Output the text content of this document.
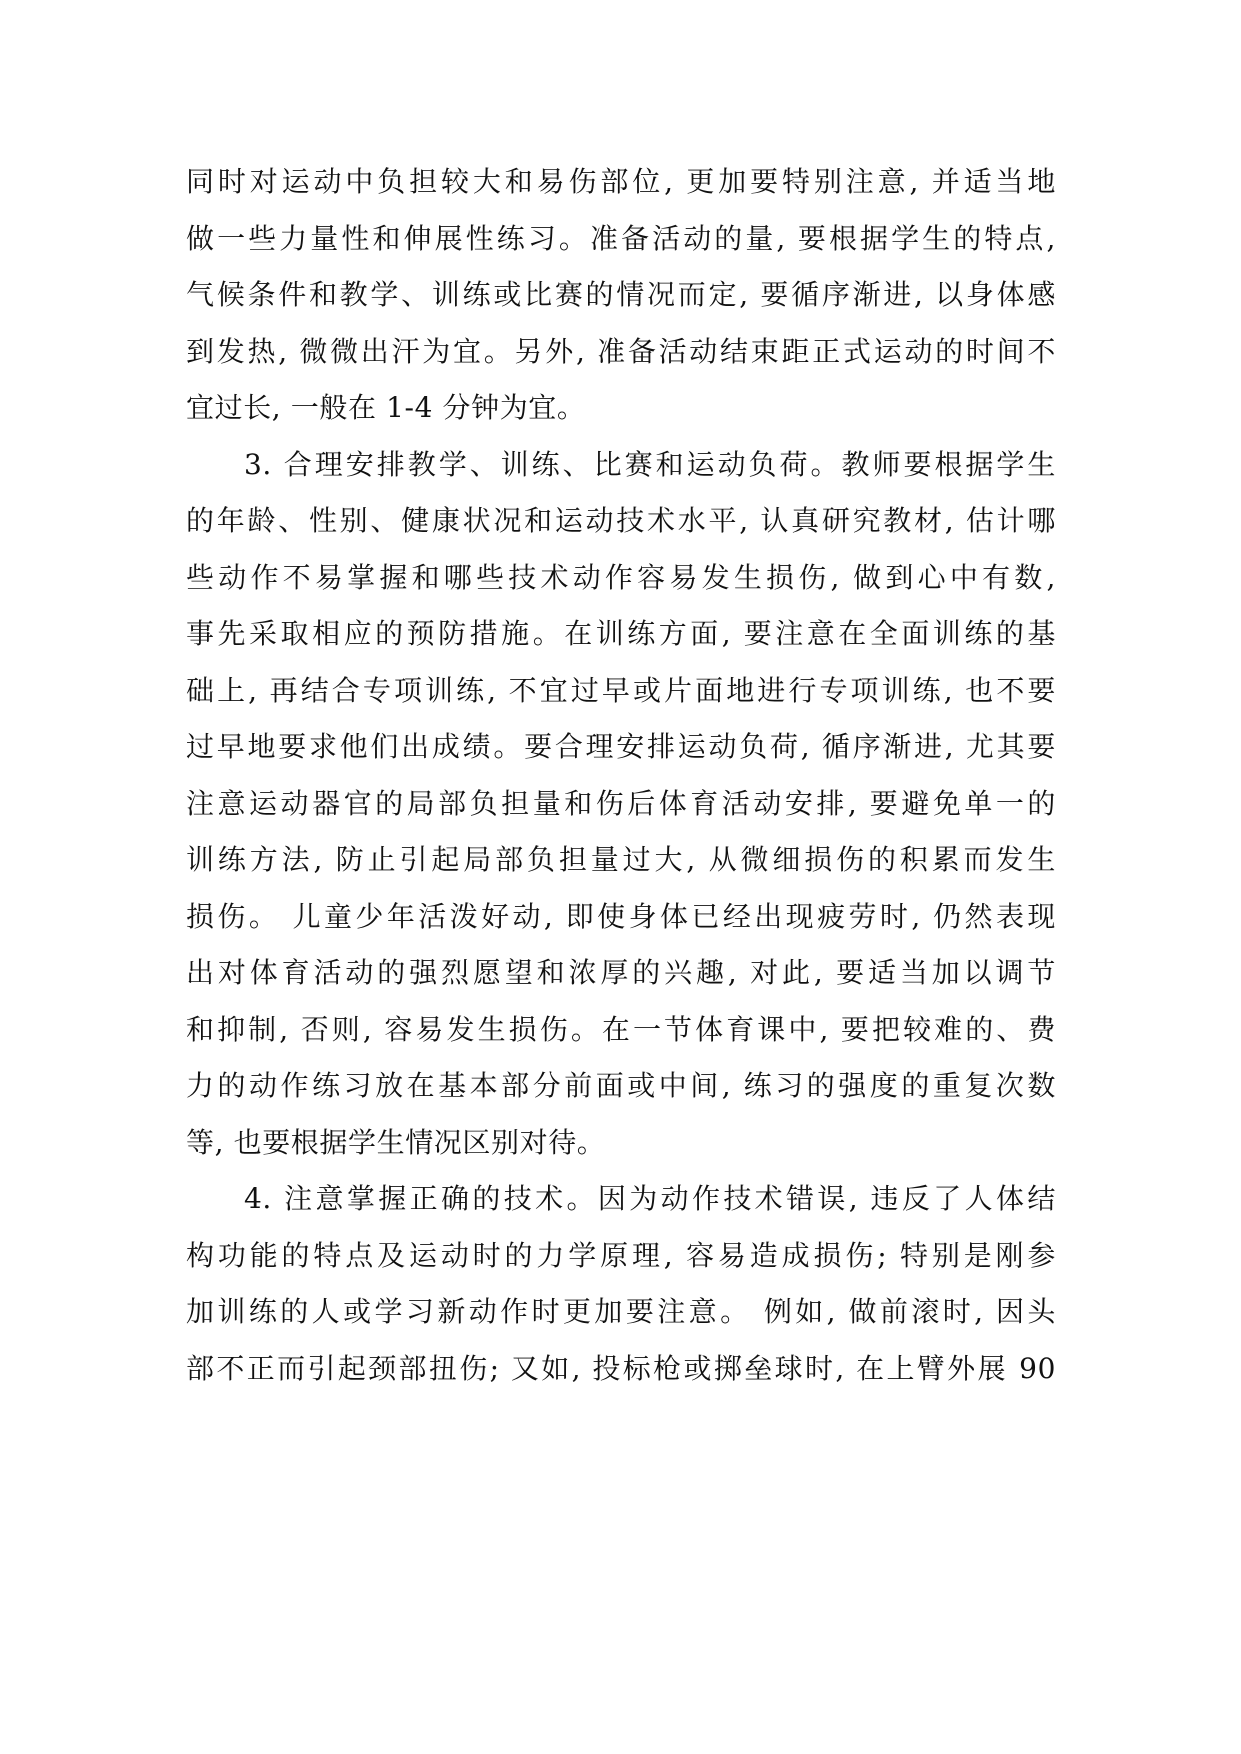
同时对运动中负担较大和易伤部位, 更加要特别注意, 并适当地
做一些力量性和伸展性练习。准备活动的量, 要根据学生的特点,
气候条件和教学、训练或比赛的情况而定, 要循序渐进, 以身体感
到发热, 微微出汗为宜。另外, 准备活动结束距正式运动的时间不
宜过长, 一般在 1-4 分钟为宜。
3. 合理安排教学、训练、比赛和运动负荷。教师要根据学生
的年龄、性别、健康状况和运动技术水平, 认真研究教材, 估计哪
些动作不易掌握和哪些技术动作容易发生损伤, 做到心中有数,
事先采取相应的预防措施。在训练方面, 要注意在全面训练的基
础上, 再结合专项训练, 不宜过早或片面地进行专项训练, 也不要
过早地要求他们出成绩。要合理安排运动负荷, 循序渐进, 尤其要
注意运动器官的局部负担量和伤后体育活动安排, 要避免单一的
训练方法, 防止引起局部负担量过大, 从微细损伤的积累而发生
损伤。 儿童少年活泼好动, 即使身体已经出现疲劳时, 仍然表现
出对体育活动的强烈愿望和浓厚的兴趣, 对此, 要适当加以调节
和抑制, 否则, 容易发生损伤。在一节体育课中, 要把较难的、费
力的动作练习放在基本部分前面或中间, 练习的强度的重复次数
等, 也要根据学生情况区别对待。
4. 注意掌握正确的技术。因为动作技术错误, 违反了人体结
构功能的特点及运动时的力学原理, 容易造成损伤; 特别是刚参
加训练的人或学习新动作时更加要注意。 例如, 做前滚时, 因头
部不正而引起颈部扭伤; 又如, 投标枪或掷垒球时, 在上臂外展 90
